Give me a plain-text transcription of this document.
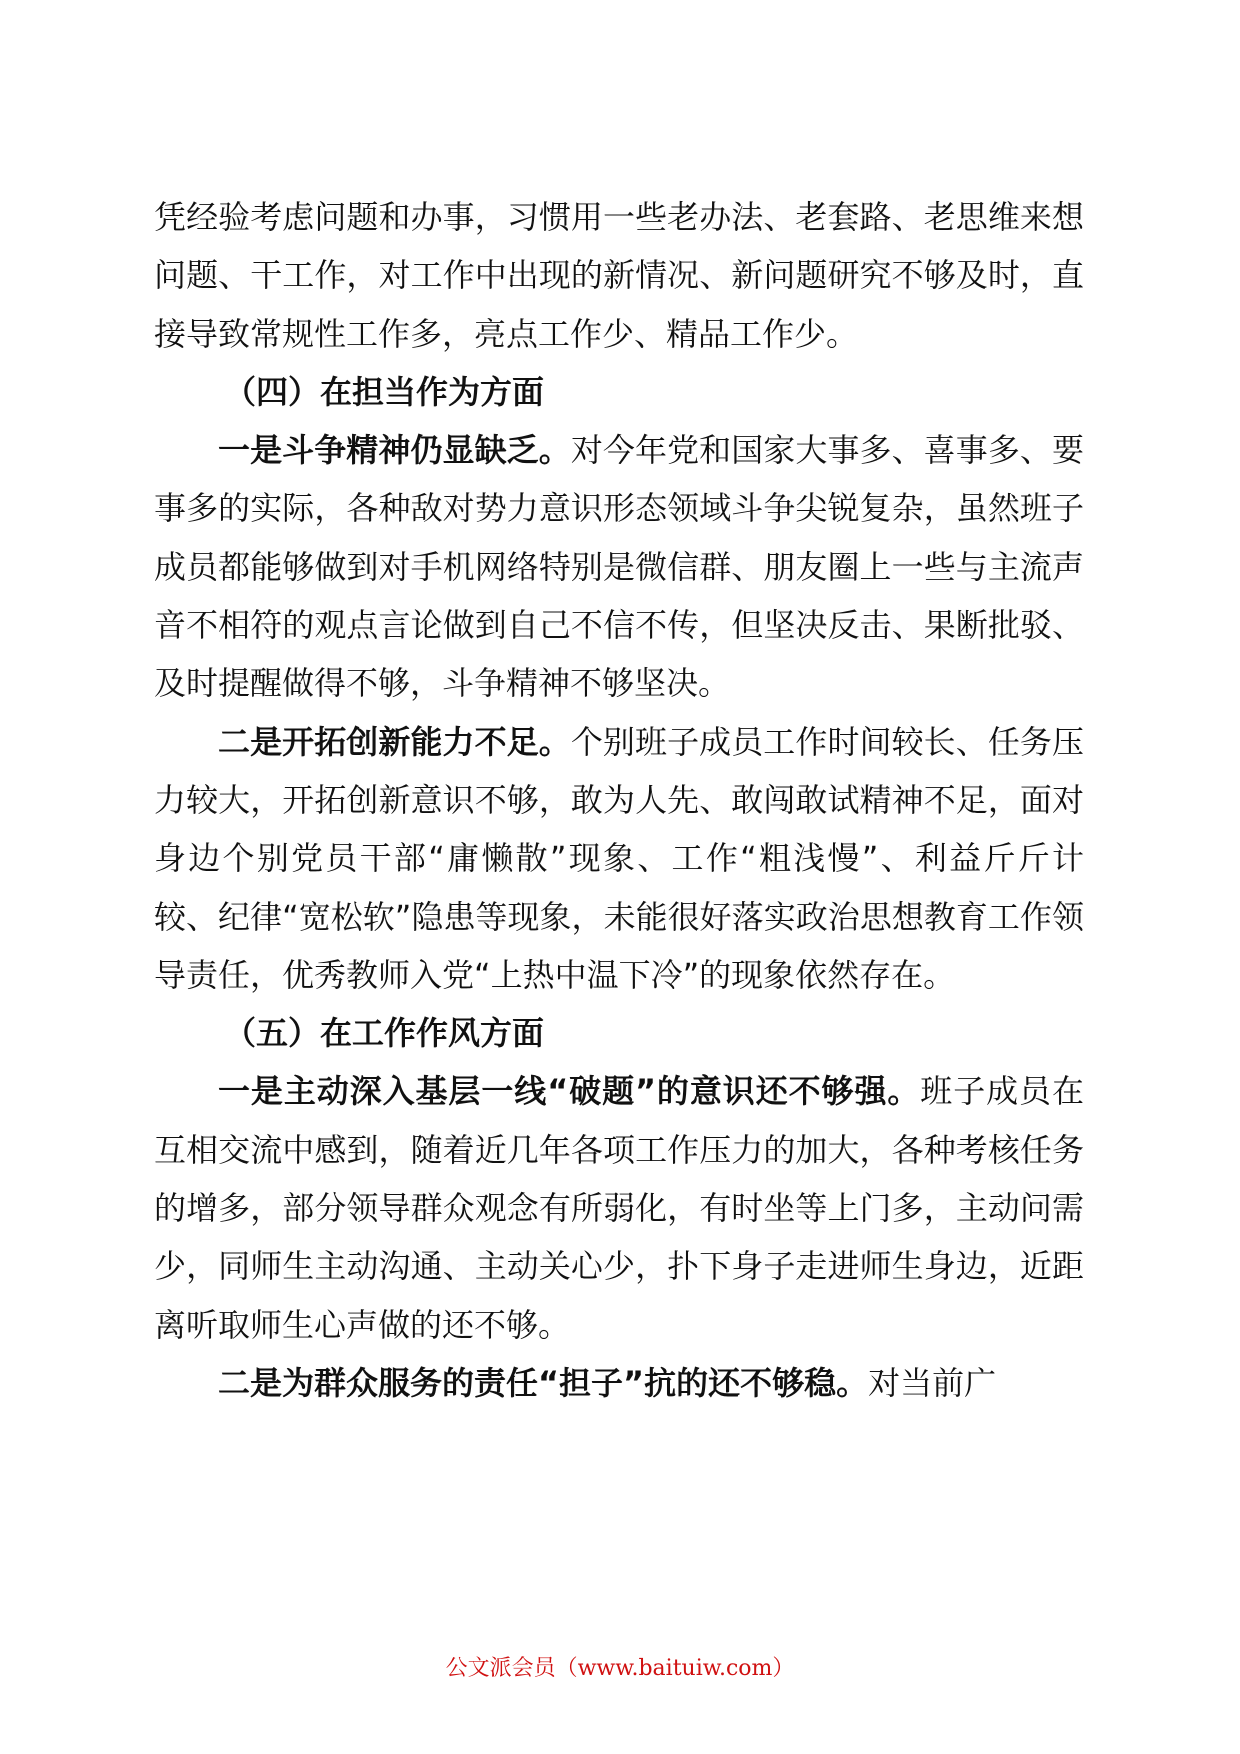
凭经验考虑问题和办事，习惯用一些老办法、老套路、老思维来想问题、干工作，对工作中出现的新情况、新问题研究不够及时，直接导致常规性工作多，亮点工作少、精品工作少。

（四）在担当作为方面

一是斗争精神仍显缺乏。对今年党和国家大事多、喜事多、要事多的实际，各种敌对势力意识形态领域斗争尖锐复杂，虽然班子成员都能够做到对手机网络特别是微信群、朋友圈上一些与主流声音不相符的观点言论做到自己不信不传，但坚决反击、果断批驳、及时提醒做得不够，斗争精神不够坚决。

二是开拓创新能力不足。个别班子成员工作时间较长、任务压力较大，开拓创新意识不够，敢为人先、敢闯敢试精神不足，面对身边个别党员干部“庸懒散”现象、工作“粗浅慢”、利益斤斤计较、纪律“宽松软”隐患等现象，未能很好落实政治思想教育工作领导责任，优秀教师入党“上热中温下冷”的现象依然存在。

（五）在工作作风方面

一是主动深入基层一线“破题”的意识还不够强。班子成员在互相交流中感到，随着近几年各项工作压力的加大，各种考核任务的增多，部分领导群众观念有所弱化，有时坐等上门多，主动问需少，同师生主动沟通、主动关心少，扑下身子走进师生身边，近距离听取师生心声做的还不够。

二是为群众服务的责任“担子”抗的还不够稳。对当前广

公文派会员（www.baituiw.com）
